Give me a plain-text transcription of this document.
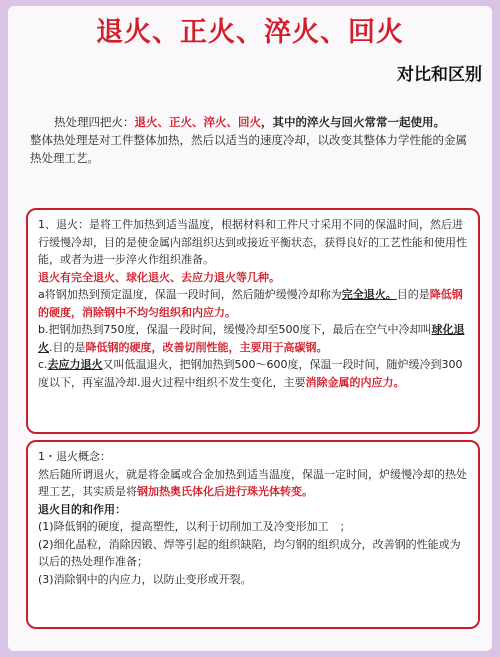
退火、正火、淬火、回火
对比和区别
热处理四把火：退火、正火、淬火、回火，其中的淬火与回火常常一起使用。
整体热处理是对工件整体加热，然后以适当的速度冷却，以改变其整体力学性能的金属热处理工艺。

1、退火：是将工件加热到适当温度，根据材料和工件尺寸采用不同的保温时间，然后进行缓慢冷却，目的是使金属内部组织达到或接近平衡状态，获得良好的工艺性能和使用性能，或者为进一步淬火作组织准备。

退火有完全退火、球化退火、去应力退火等几种。

a将钢加热到预定温度，保温一段时间，然后随炉缓慢冷却称为完全退火。目的是降低钢的硬度，消除钢中不均匀组织和内应力。

b.把钢加热到750度，保温一段时间，缓慢冷却至500度下，最后在空气中冷却叫球化退火.目的是降低钢的硬度，改善切削性能，主要用于高碳钢。

c.去应力退火又叫低温退火，把钢加热到500～600度，保温一段时间，随炉缓冷到300度以下，再室温冷却.退火过程中组织不发生变化，主要消除金属的内应力。

1・退火概念：

然后随所谓退火，就是将金属或合金加热到适当温度，保温一定时间，炉缓慢冷却的热处理工艺，其实质是将钢加热奥氏体化后进行珠光体转变。

退火目的和作用：

(1)降低钢的硬度，提高塑性，以利于切削加工及冷变形加工　；

(2)细化晶粒，消除因锻、焊等引起的组织缺陷，均匀钢的组织成分，改善钢的性能或为以后的热处理作准备；

(3)消除钢中的内应力，以防止变形或开裂。
